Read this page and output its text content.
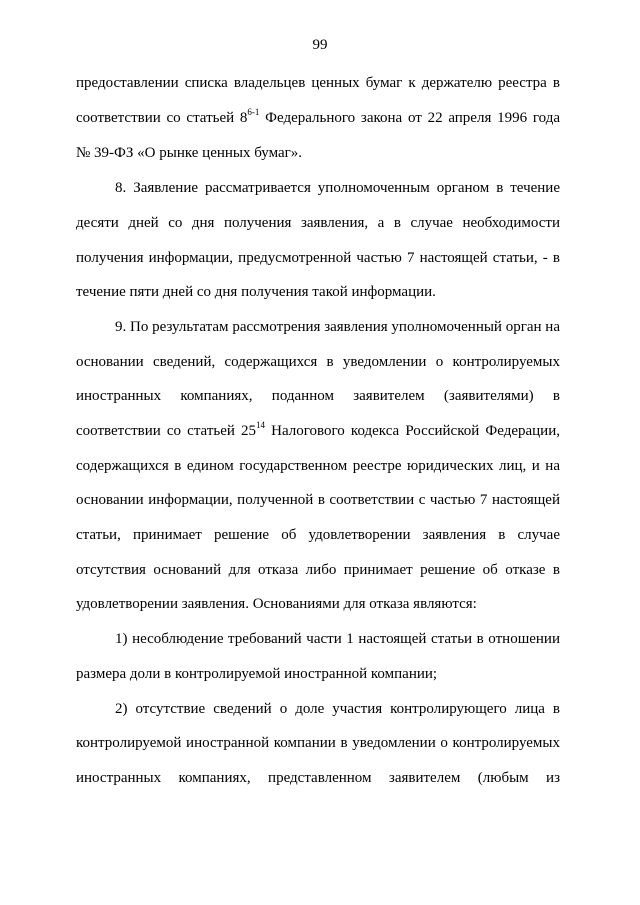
99
предоставлении списка владельцев ценных бумаг к держателю реестра в
соответствии со статьей 8$^{6-1}$ Федерального закона от 22 апреля 1996 года
№ 39-ФЗ «О рынке ценных бумаг».
8. Заявление рассматривается уполномоченным органом в течение
десяти дней со дня получения заявления, а в случае необходимости
получения информации, предусмотренной частью 7 настоящей статьи, - в
течение пяти дней со дня получения такой информации.
9. По результатам рассмотрения заявления уполномоченный орган на
основании сведений, содержащихся в уведомлении о контролируемых
иностранных компаниях, поданном заявителем (заявителями) в
соответствии со статьей $25^{14}$ Налогового кодекса Российской Федерации,
содержащихся в едином государственном реестре юридических лиц, и на
основании информации, полученной в соответствии с частью 7 настоящей
статьи, принимает решение об удовлетворении заявления в случае
отсутствия оснований для отказа либо принимает решение об отказе в
удовлетворении заявления. Основаниями для отказа являются:
1) несоблюдение требований части 1 настоящей статьи в отношении
размера доли в контролируемой иностранной компании;
2) отсутствие сведений о доле участия контролирующего лица в
контролируемой иностранной компании в уведомлении о контролируемых
иностранных компаниях, представленном заявителем (любым из
